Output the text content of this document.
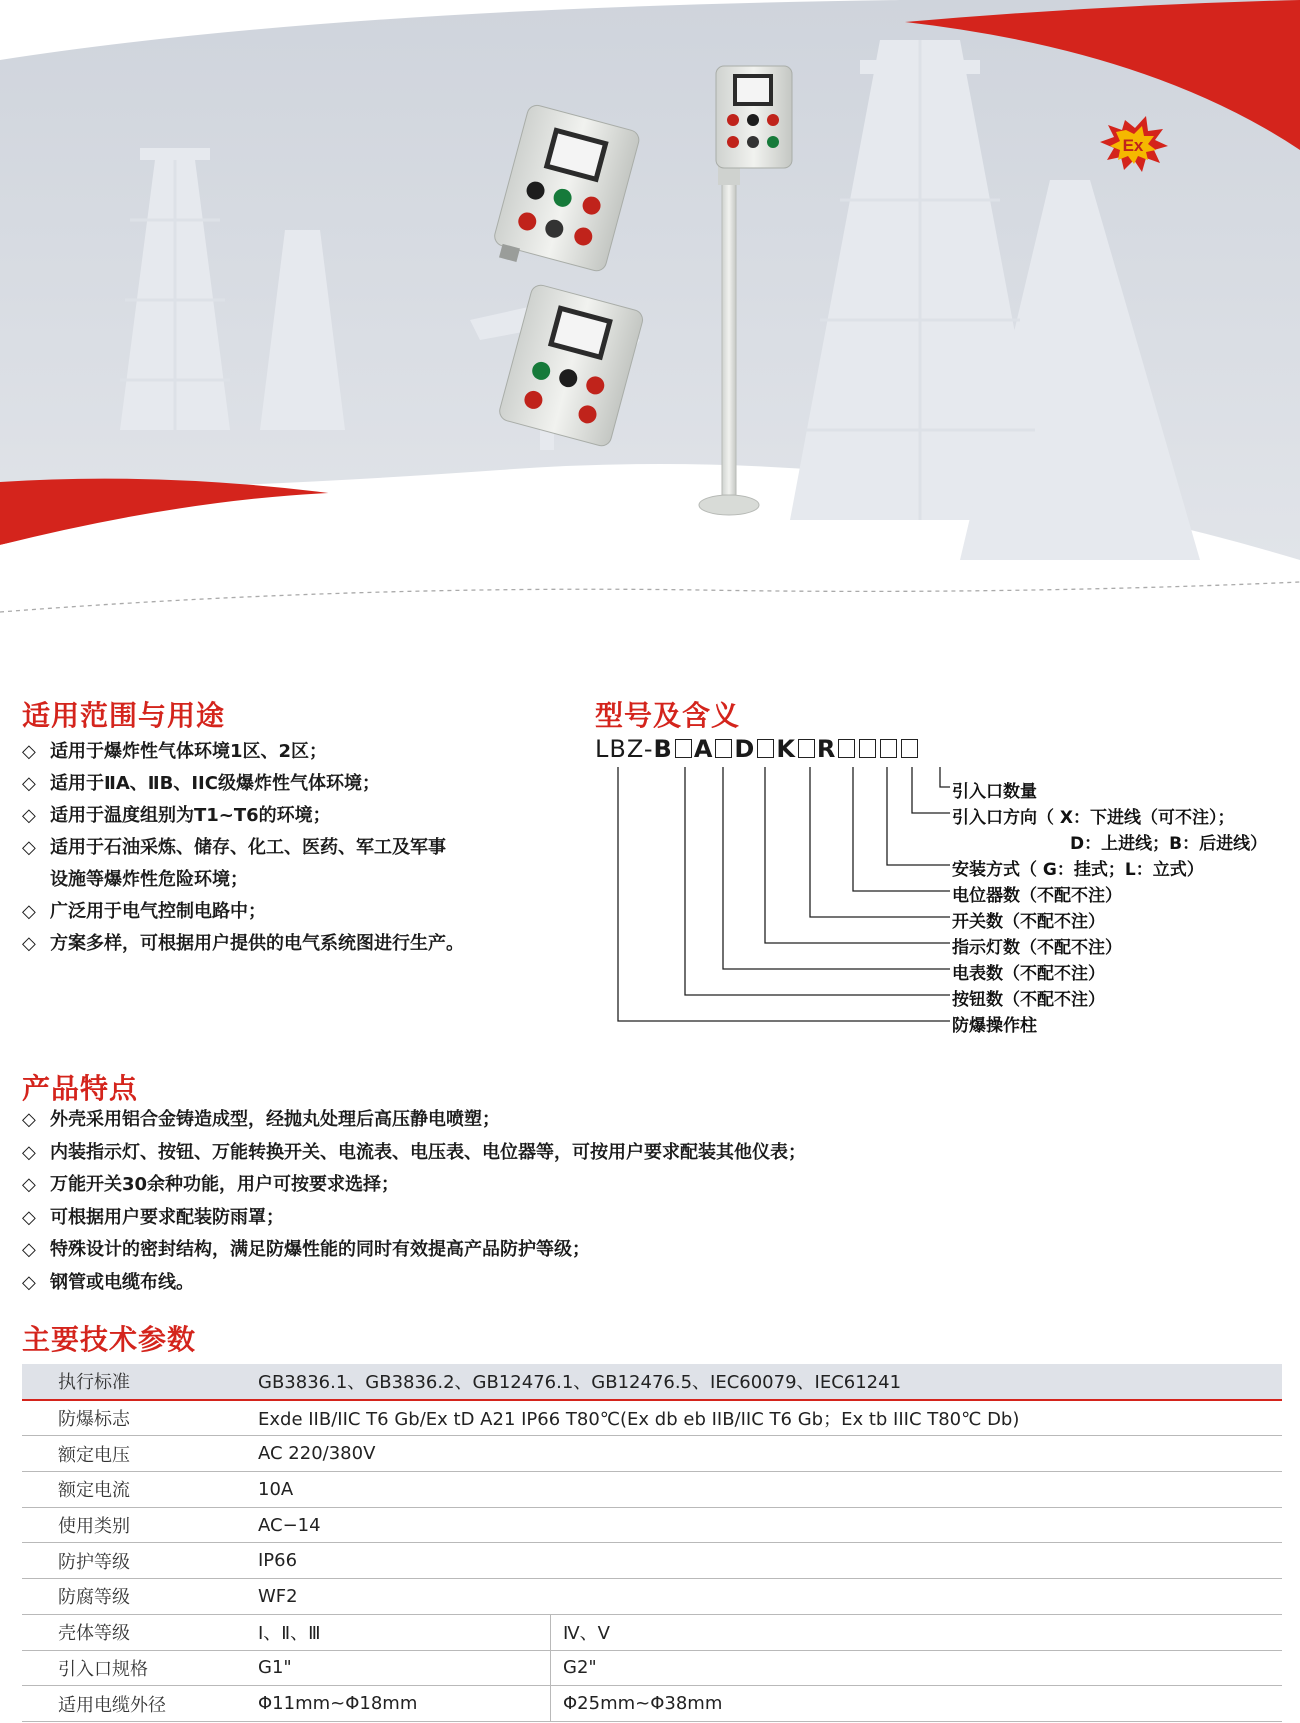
Ex
适用范围与用途
◇ 适用于爆炸性气体环境1区、2区；
◇ 适用于ⅡA、ⅡB、IIC级爆炸性气体环境；
◇ 适用于温度组别为T1~T6的环境；
◇ 适用于石油采炼、储存、化工、医药、军工及军事
设施等爆炸性危险环境；
◇ 广泛用于电气控制电路中；
◇ 方案多样，可根据用户提供的电气系统图进行生产。
型号及含义
LBZ-B A D K R
引入口数量
引入口方向（ X：下进线（可不注）；
D：上进线；B：后进线）
安装方式（ G：挂式；L：立式）
电位器数（不配不注）
开关数（不配不注）
指示灯数（不配不注）
电表数（不配不注）
按钮数（不配不注）
防爆操作柱
产品特点
◇ 外壳采用铝合金铸造成型，经抛丸处理后高压静电喷塑；
◇ 内装指示灯、按钮、万能转换开关、电流表、电压表、电位器等，可按用户要求配装其他仪表；
◇ 万能开关30余种功能，用户可按要求选择；
◇ 可根据用户要求配装防雨罩；
◇ 特殊设计的密封结构，满足防爆性能的同时有效提高产品防护等级；
◇ 钢管或电缆布线。
主要技术参数
执行标准	GB3836.1、GB3836.2、GB12476.1、GB12476.5、IEC60079、IEC61241	
防爆标志	Exde IIB/IIC T6 Gb/Ex tD A21 IP66 T80℃(Ex db eb IIB/IIC T6 Gb；Ex tb IIIC T80℃ Db)	
额定电压	AC 220/380V	
额定电流	10A	
使用类别	AC−14	
防护等级	IP66	
防腐等级	WF2	
壳体等级	Ⅰ、Ⅱ、Ⅲ	Ⅳ、Ⅴ
引入口规格	G1"	G2"
适用电缆外径	Φ11mm~Φ18mm	Φ25mm~Φ38mm
